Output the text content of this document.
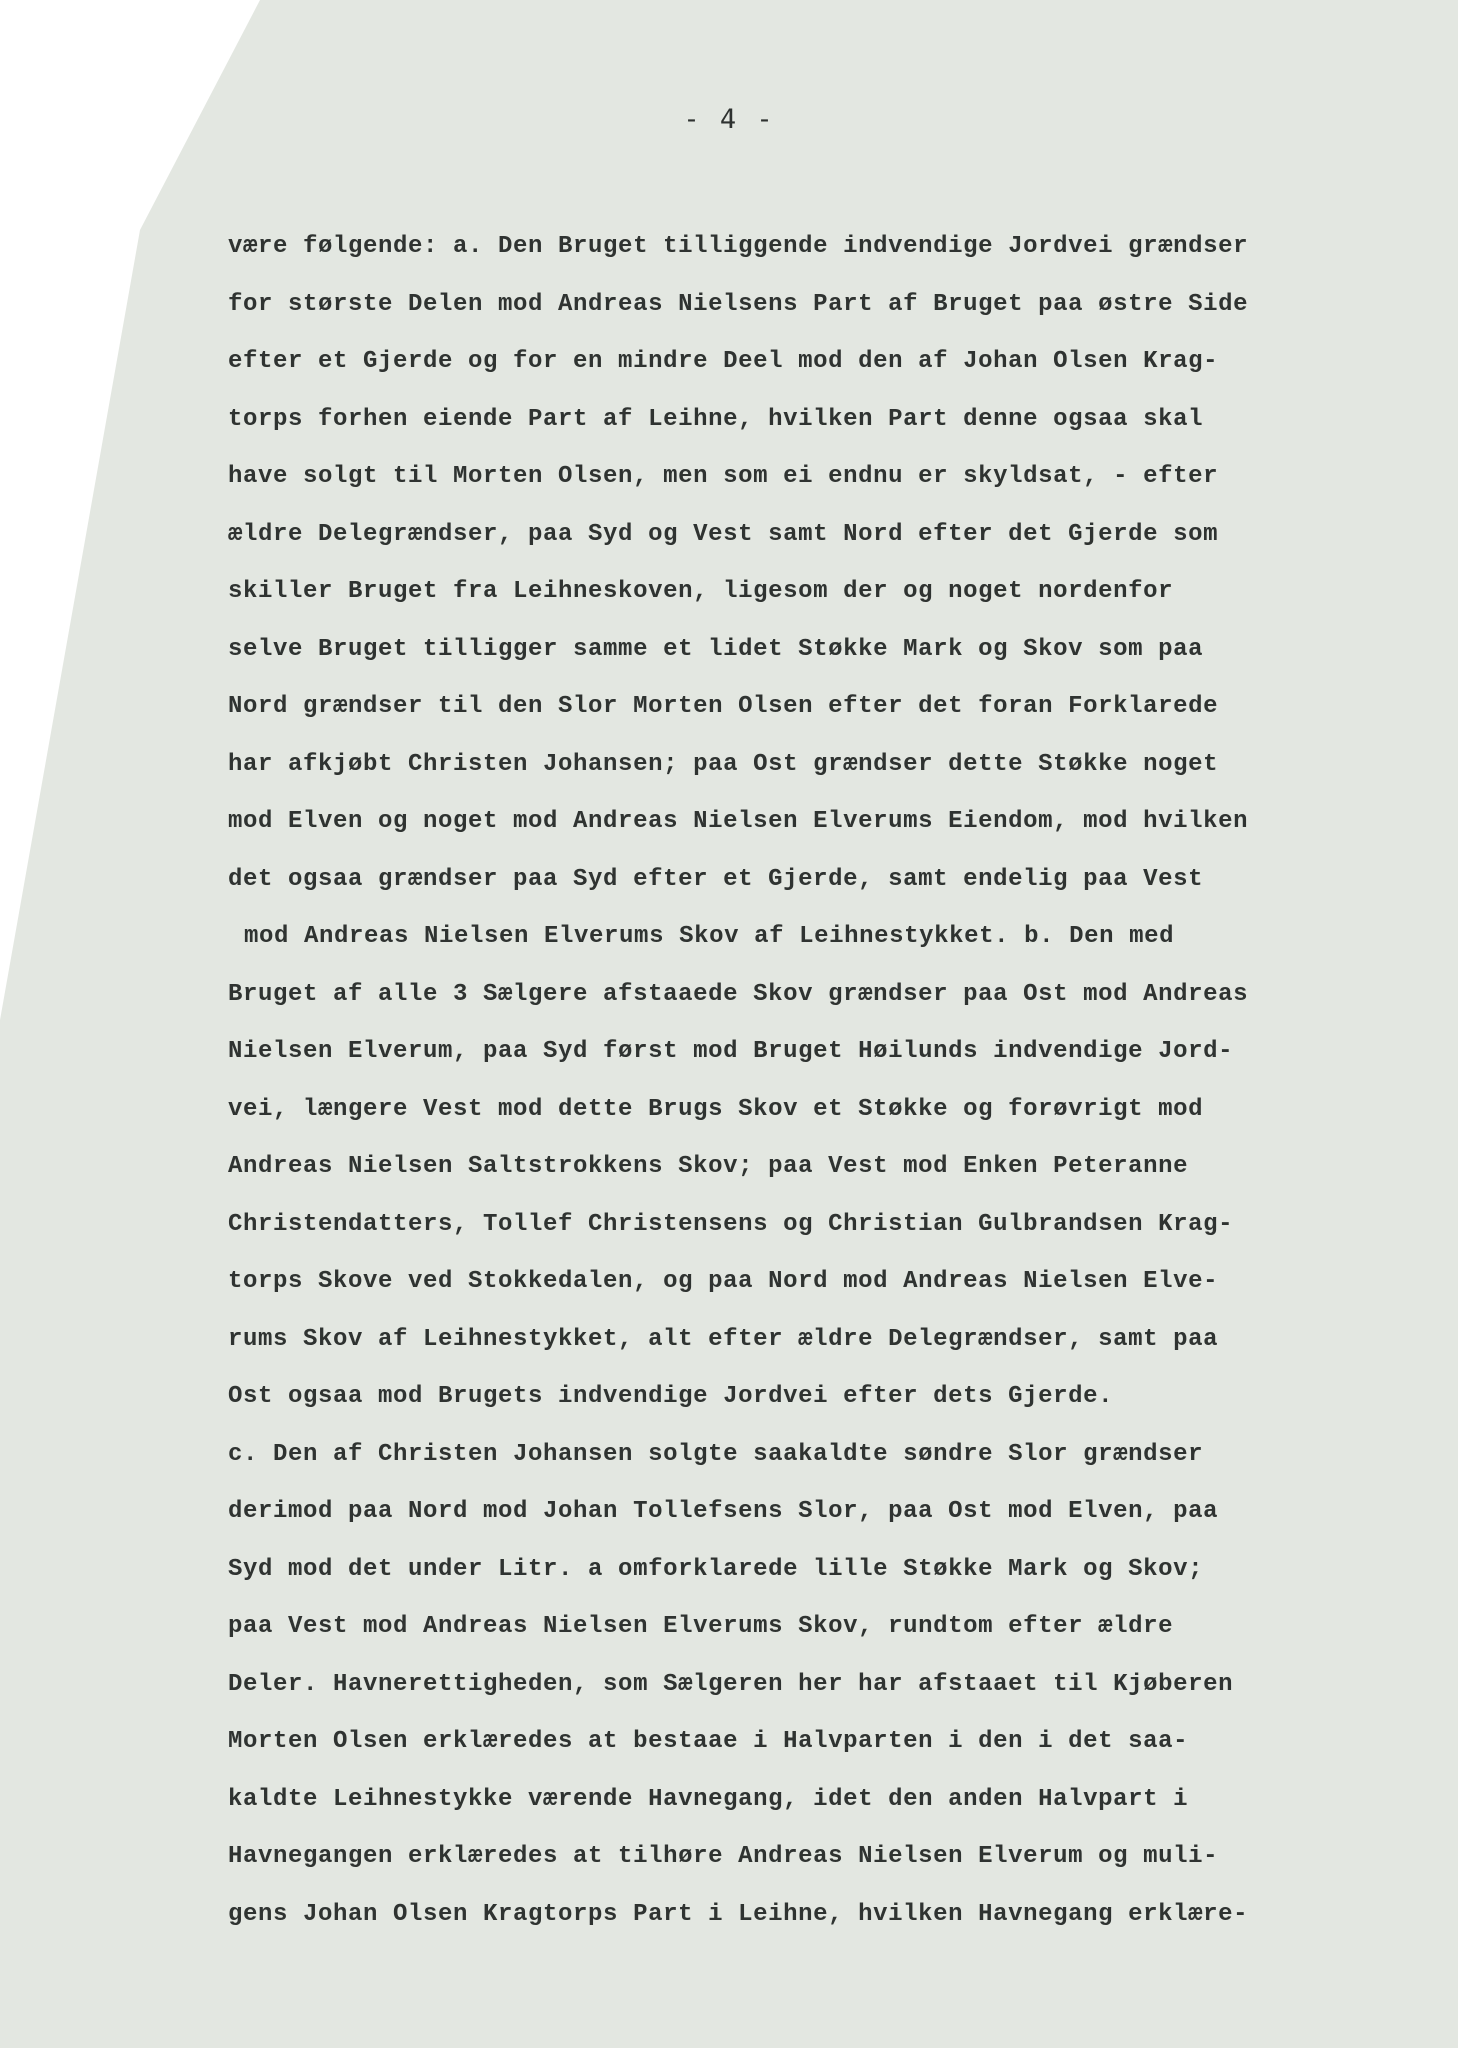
- 4 -
være følgende: a. Den Bruget tilliggende indvendige Jordvei grændser
for største Delen mod Andreas Nielsens Part af Bruget paa østre Side
efter et Gjerde og for en mindre Deel mod den af Johan Olsen Krag-
torps forhen eiende Part af Leihne, hvilken Part denne ogsaa skal
have solgt til Morten Olsen, men som ei endnu er skyldsat, - efter
ældre Delegrændser, paa Syd og Vest samt Nord efter det Gjerde som
skiller Bruget fra Leihneskoven, ligesom der og noget nordenfor
selve Bruget tilligger samme et lidet Støkke Mark og Skov som paa
Nord grændser til den Slor Morten Olsen efter det foran Forklarede
har afkjøbt Christen Johansen; paa Ost grændser dette Støkke noget
mod Elven og noget mod Andreas Nielsen Elverums Eiendom, mod hvilken
det ogsaa grændser paa Syd efter et Gjerde, samt endelig paa Vest
mod Andreas Nielsen Elverums Skov af Leihnestykket. b. Den med
Bruget af alle 3 Sælgere afstaaede Skov grændser paa Ost mod Andreas
Nielsen Elverum, paa Syd først mod Bruget Høilunds indvendige Jord-
vei, længere Vest mod dette Brugs Skov et Støkke og forøvrigt mod
Andreas Nielsen Saltstrokkens Skov; paa Vest mod Enken Peteranne
Christendatters, Tollef Christensens og Christian Gulbrandsen Krag-
torps Skove ved Stokkedalen, og paa Nord mod Andreas Nielsen Elve-
rums Skov af Leihnestykket, alt efter ældre Delegrændser, samt paa
Ost ogsaa mod Brugets indvendige Jordvei efter dets Gjerde.
c. Den af Christen Johansen solgte saakaldte søndre Slor grændser
derimod paa Nord mod Johan Tollefsens Slor, paa Ost mod Elven, paa
Syd mod det under Litr. a omforklarede lille Støkke Mark og Skov;
paa Vest mod Andreas Nielsen Elverums Skov, rundtom efter ældre
Deler. Havnerettigheden, som Sælgeren her har afstaaet til Kjøberen
Morten Olsen erklæredes at bestaae i Halvparten i den i det saa-
kaldte Leihnestykke værende Havnegang, idet den anden Halvpart i
Havnegangen erklæredes at tilhøre Andreas Nielsen Elverum og muli-
gens Johan Olsen Kragtorps Part i Leihne, hvilken Havnegang erklære-
